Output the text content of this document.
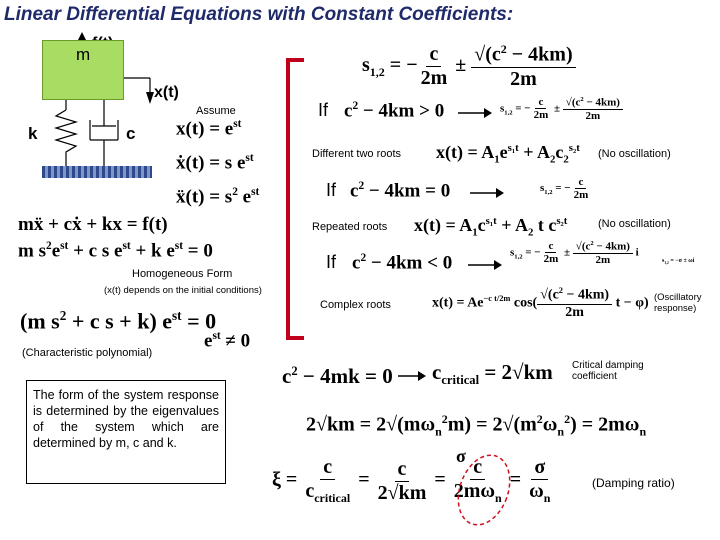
Linear Differential Equations with Constant Coefficients:
m
x(t)
k	c
Assume
$x(t) = e^{st}$
ẋ(t) = s $e^{st}$
ẍ(t) = $s^2$ $e^{st}$
mẍ + cẋ + kx = f(t)
m $s^2e^{st} + c$ s $e^{st} + k$ $e^{st} = 0$
Homogeneous Form
(x(t) depends on the initial conditions)
(m $s^2 + c$ s + k) $e^{st} = 0$
$e^{st} \ne 0$
(Characteristic polynomial)
The form of the system response is determined by the eigenvalues of the system which are determined by m, c and k.
$s_{1,2}$ = − $\frac{c}{2m} \pm \frac{√(c^2 - 4km)}{2m}$
If $c^2 - 4km > 0$	$s_{1,2}$ = − $\frac{c}{2m} \pm \frac{√(c^2 - 4km)}{2m}$
Different two roots $x(t) = A_1e^{s_1t} + A_2c_2^{s_2t}$ (No oscillation)
If $c^2 - 4km = 0$	$s_{1,2}$ = − $\frac{c}{2m}$
Repeated roots $x(t) = A_1c^{s_1t} + A_2$ t $c^{s_2t}$	(No oscillation)
If $c^2 - 4km < 0$	$s_{1,2}$ = − $\frac{c}{2m} \pm \frac{√(c^2 - 4km)}{2m}$ i
$s_{1,2} = -\sigma \pm \omega i$
Complex roots	$x(t) = Ae^{-c t/2m}$ $\cos( \frac{√(c^2 - 4km)}{2m}$ t − φ) (Oscillatory response)
$c^2 - 4mk = 0$ $c_{critical} = 2√km$ Critical damping coefficient
$2√km = 2√(m\omega_n^2m) = 2√(m^2\omega_n^2) = 2m\omega_n$
$\xi = \frac{c}{c_{critical}} = \frac{c}{2√km} = \frac{c}{2m\omega_n} = \frac{\sigma}{\omega_n}$
σ
(Damping ratio)
